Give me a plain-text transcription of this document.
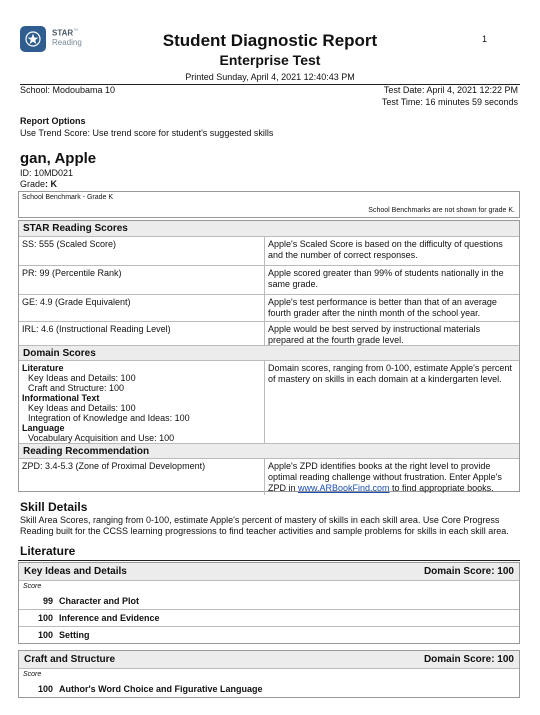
STAR™
Reading	Student Diagnostic Report
Enterprise Test
Printed Sunday, April 4, 2021 12:40:43 PM
1
School: Modoubama 10	Test Date: April 4, 2021 12:22 PM
Test Time: 16 minutes 59 seconds
Report Options
Use Trend Score: Use trend score for student's suggested skills
gan, Apple
ID: 10MD021
Grade: K
School Benchmark - Grade K
School Benchmarks are not shown for grade K.
STAR Reading Scores
SS: 555 (Scaled Score)	Apple's Scaled Score is based on the difficulty of questions and the number of correct responses.
PR: 99 (Percentile Rank)	Apple scored greater than 99% of students nationally in the same grade.
GE: 4.9 (Grade Equivalent)	Apple's test performance is better than that of an average fourth grader after the ninth month of the school year.
IRL: 4.6 (Instructional Reading Level)	Apple would be best served by instructional materials prepared at the fourth grade level.
Domain Scores
Literature
Key Ideas and Details: 100
Craft and Structure: 100
Informational Text
Key Ideas and Details: 100
Integration of Knowledge and Ideas: 100
Language
Vocabulary Acquisition and Use: 100
Domain scores, ranging from 0-100, estimate Apple's percent of mastery on skills in each domain at a kindergarten level.
Reading Recommendation
ZPD: 3.4-5.3 (Zone of Proximal Development)	Apple's ZPD identifies books at the right level to provide optimal reading challenge without frustration. Enter Apple's ZPD in www.ARBookFind.com to find appropriate books.
Skill Details
Skill Area Scores, ranging from 0-100, estimate Apple's percent of mastery of skills in each skill area. Use Core Progress Reading built for the CCSS learning progressions to find teacher activities and sample problems for skills in each skill area.
Literature
Key Ideas and Details	Domain Score: 100
Score
99 Character and Plot
100 Inference and Evidence
100 Setting
Craft and Structure	Domain Score: 100
Score
100 Author's Word Choice and Figurative Language
